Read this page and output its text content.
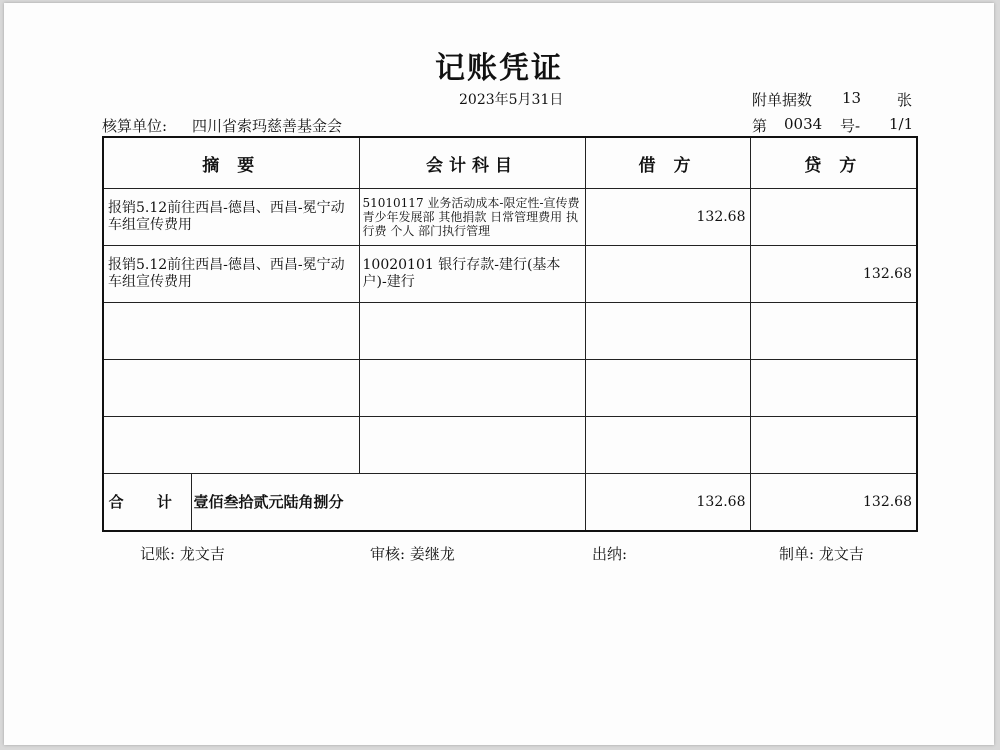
记账凭证
2023年5月31日	附单据数 13 张
核算单位: 四川省索玛慈善基金会	第 0034 号- 1/1
摘 要		会计科目	借 方	贷 方
报销5.12前往西昌-德昌、西昌-冕宁动车组宣传费用		51010117 业务活动成本-限定性-宣传费 青少年发展部 其他捐款 日常管理费用 执行费 个人 部门执行管理	132.68	
报销5.12前往西昌-德昌、西昌-冕宁动车组宣传费用		10020101 银行存款-建行(基本户)-建行		132.68

合 计	壹佰叁拾贰元陆角捌分		132.68	132.68
记账: 龙文吉	审核: 姜继龙	出纳:	制单: 龙文吉
